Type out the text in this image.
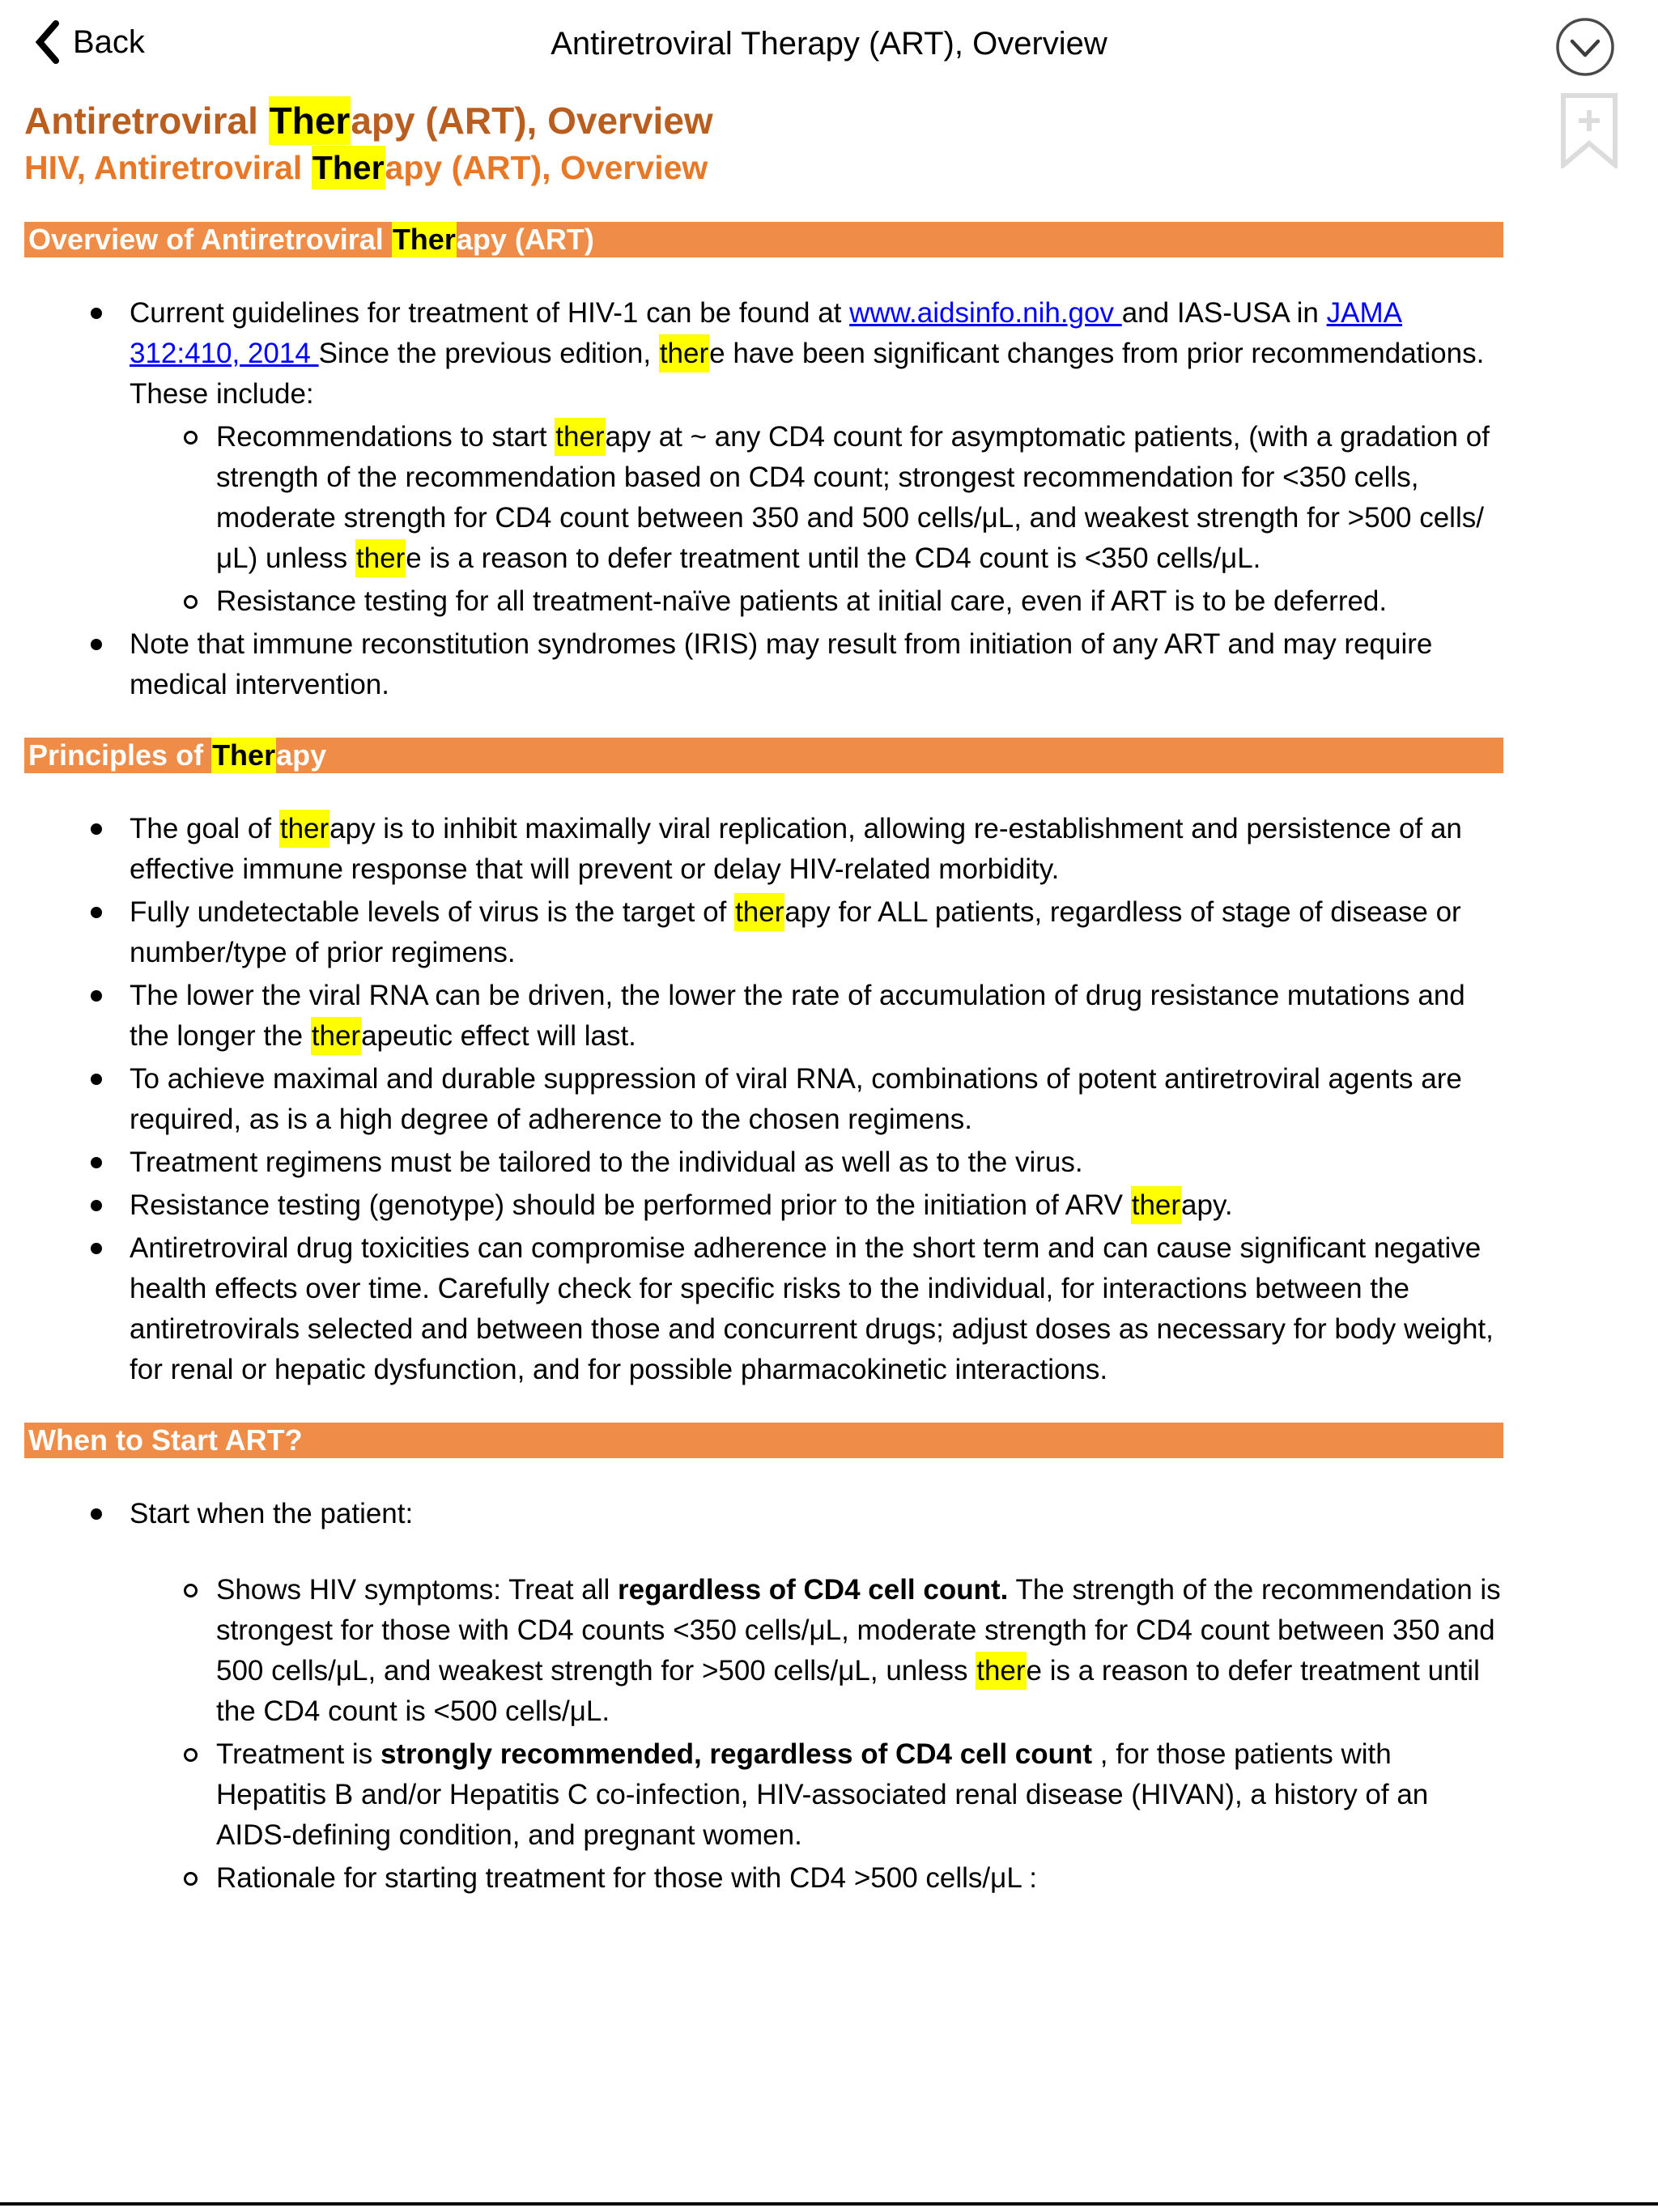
Back	Antiretroviral Therapy (ART), Overview
Antiretroviral Therapy (ART), Overview
HIV, Antiretroviral Therapy (ART), Overview
Overview of Antiretroviral Therapy (ART)
Current guidelines for treatment of HIV-1 can be found at www.aidsinfo.nih.gov and IAS-USA in JAMA 312:410, 2014 Since the previous edition, there have been significant changes from prior recommendations. These include:
Recommendations to start therapy at ~ any CD4 count for asymptomatic patients, (with a gradation of strength of the recommendation based on CD4 count; strongest recommendation for <350 cells, moderate strength for CD4 count between 350 and 500 cells/μL, and weakest strength for >500 cells/μL) unless there is a reason to defer treatment until the CD4 count is <350 cells/μL.
Resistance testing for all treatment-naïve patients at initial care, even if ART is to be deferred.
Note that immune reconstitution syndromes (IRIS) may result from initiation of any ART and may require medical intervention.
Principles of Therapy
The goal of therapy is to inhibit maximally viral replication, allowing re-establishment and persistence of an effective immune response that will prevent or delay HIV-related morbidity.
Fully undetectable levels of virus is the target of therapy for ALL patients, regardless of stage of disease or number/type of prior regimens.
The lower the viral RNA can be driven, the lower the rate of accumulation of drug resistance mutations and the longer the therapeutic effect will last.
To achieve maximal and durable suppression of viral RNA, combinations of potent antiretroviral agents are required, as is a high degree of adherence to the chosen regimens.
Treatment regimens must be tailored to the individual as well as to the virus.
Resistance testing (genotype) should be performed prior to the initiation of ARV therapy.
Antiretroviral drug toxicities can compromise adherence in the short term and can cause significant negative health effects over time. Carefully check for specific risks to the individual, for interactions between the antiretrovirals selected and between those and concurrent drugs; adjust doses as necessary for body weight, for renal or hepatic dysfunction, and for possible pharmacokinetic interactions.
When to Start ART?
Start when the patient:
Shows HIV symptoms: Treat all regardless of CD4 cell count. The strength of the recommendation is strongest for those with CD4 counts <350 cells/μL, moderate strength for CD4 count between 350 and 500 cells/μL, and weakest strength for >500 cells/μL, unless there is a reason to defer treatment until the CD4 count is <500 cells/μL.
Treatment is strongly recommended, regardless of CD4 cell count , for those patients with Hepatitis B and/or Hepatitis C co-infection, HIV-associated renal disease (HIVAN), a history of an AIDS-defining condition, and pregnant women.
Rationale for starting treatment for those with CD4 >500 cells/μL :
